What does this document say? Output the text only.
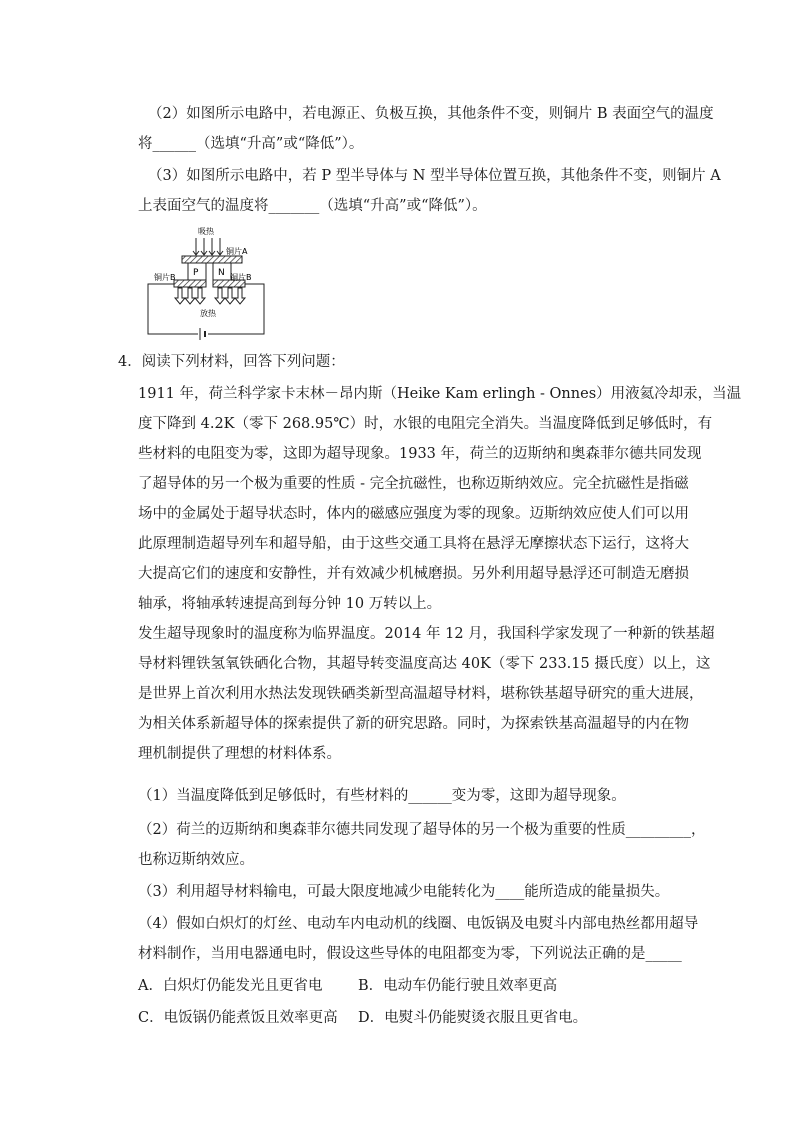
（2）如图所示电路中，若电源正、负极互换，其他条件不变，则铜片 B 表面空气的温度
将______（选填“升高”或“降低”）。
（3）如图所示电路中，若 P 型半导体与 N 型半导体位置互换，其他条件不变，则铜片 A
上表面空气的温度将_______（选填“升高”或“降低”）。
吸热
铜片A
P N
铜片B	铜片B
放热
4．阅读下列材料，回答下列问题：
1911 年，荷兰科学家卡末林－昂内斯（Heike Kam erlingh - Onnes）用液氦冷却汞，当温
度下降到 4.2K（零下 268.95℃）时，水银的电阻完全消失。当温度降低到足够低时，有
些材料的电阻变为零，这即为超导现象。1933 年，荷兰的迈斯纳和奥森菲尔德共同发现
了超导体的另一个极为重要的性质 - 完全抗磁性，也称迈斯纳效应。完全抗磁性是指磁
场中的金属处于超导状态时，体内的磁感应强度为零的现象。迈斯纳效应使人们可以用
此原理制造超导列车和超导船，由于这些交通工具将在悬浮无摩擦状态下运行，这将大
大提高它们的速度和安静性，并有效减少机械磨损。另外利用超导悬浮还可制造无磨损
轴承，将轴承转速提高到每分钟 10 万转以上。
发生超导现象时的温度称为临界温度。2014 年 12 月，我国科学家发现了一种新的铁基超
导材料锂铁氢氧铁硒化合物，其超导转变温度高达 40K（零下 233.15 摄氏度）以上，这
是世界上首次利用水热法发现铁硒类新型高温超导材料，堪称铁基超导研究的重大进展，
为相关体系新超导体的探索提供了新的研究思路。同时，为探索铁基高温超导的内在物
理机制提供了理想的材料体系。
（1）当温度降低到足够低时，有些材料的______变为零，这即为超导现象。
（2）荷兰的迈斯纳和奥森菲尔德共同发现了超导体的另一个极为重要的性质_________，
也称迈斯纳效应。
（3）利用超导材料输电，可最大限度地减少电能转化为____能所造成的能量损失。
（4）假如白炽灯的灯丝、电动车内电动机的线圈、电饭锅及电熨斗内部电热丝都用超导
材料制作，当用电器通电时，假设这些导体的电阻都变为零，下列说法正确的是_____
A．白炽灯仍能发光且更省电 B．电动车仍能行驶且效率更高
C．电饭锅仍能煮饭且效率更高 D．电熨斗仍能熨烫衣服且更省电。
